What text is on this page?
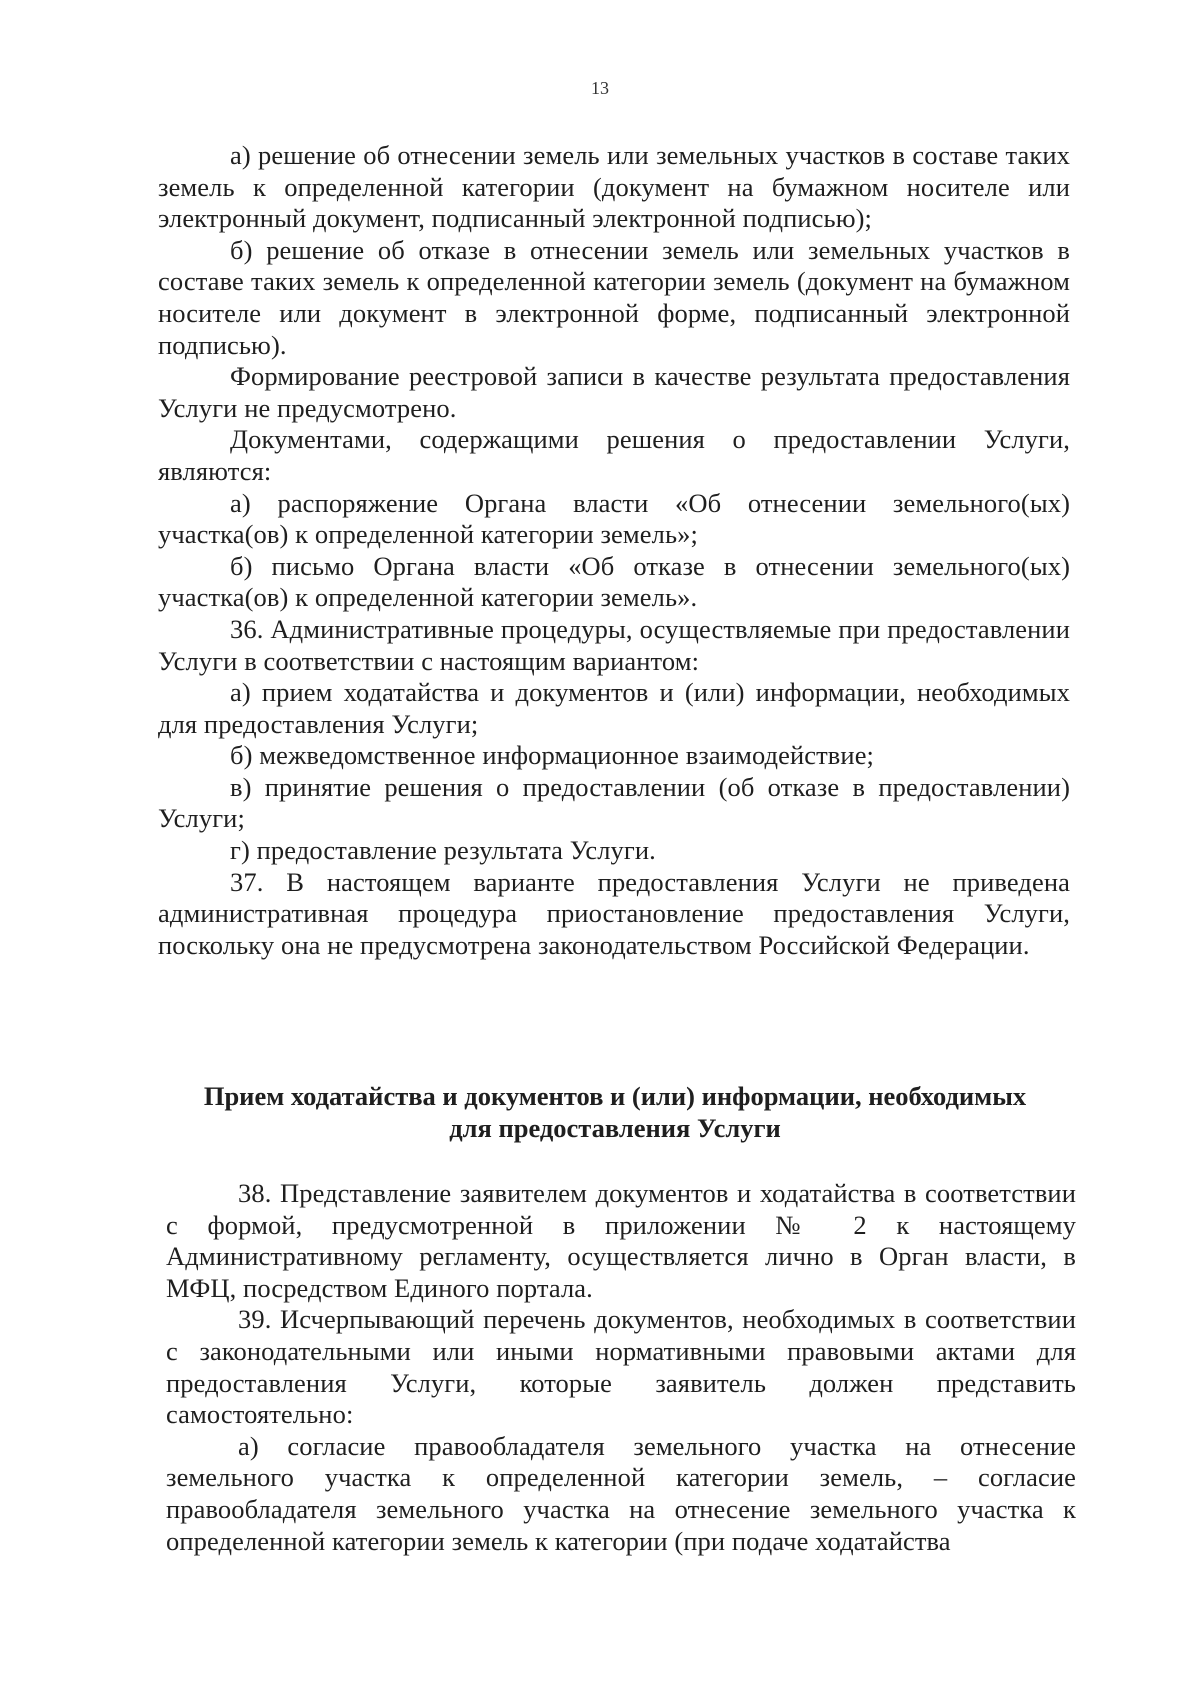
13

а) решение об отнесении земель или земельных участков в составе таких земель к определенной категории (документ на бумажном носителе или электронный документ, подписанный электронной подписью);

б) решение об отказе в отнесении земель или земельных участков в составе таких земель к определенной категории земель (документ на бумажном носителе или документ в электронной форме, подписанный электронной подписью).

Формирование реестровой записи в качестве результата предоставления Услуги не предусмотрено.

Документами, содержащими решения о предоставлении Услуги, являются:

а) распоряжение Органа власти «Об отнесении земельного(ых) участка(ов) к определенной категории земель»;

б) письмо Органа власти «Об отказе в отнесении земельного(ых) участка(ов) к определенной категории земель».

36. Административные процедуры, осуществляемые при предоставлении Услуги в соответствии с настоящим вариантом:

а) прием ходатайства и документов и (или) информации, необходимых для предоставления Услуги;

б) межведомственное информационное взаимодействие;

в) принятие решения о предоставлении (об отказе в предоставлении) Услуги;

г) предоставление результата Услуги.

37. В настоящем варианте предоставления Услуги не приведена административная процедура приостановление предоставления Услуги, поскольку она не предусмотрена законодательством Российской Федерации.

Прием ходатайства и документов и (или) информации, необходимых
для предоставления Услуги

38. Представление заявителем документов и ходатайства в соответствии с формой, предусмотренной в приложении № 2 к настоящему Административному регламенту, осуществляется лично в Орган власти, в МФЦ, посредством Единого портала.

39. Исчерпывающий перечень документов, необходимых в соответствии с законодательными или иными нормативными правовыми актами для предоставления Услуги, которые заявитель должен представить самостоятельно:

а) согласие правообладателя земельного участка на отнесение земельного участка к определенной категории земель, – согласие правообладателя земельного участка на отнесение земельного участка к определенной категории земель к категории (при подаче ходатайства
